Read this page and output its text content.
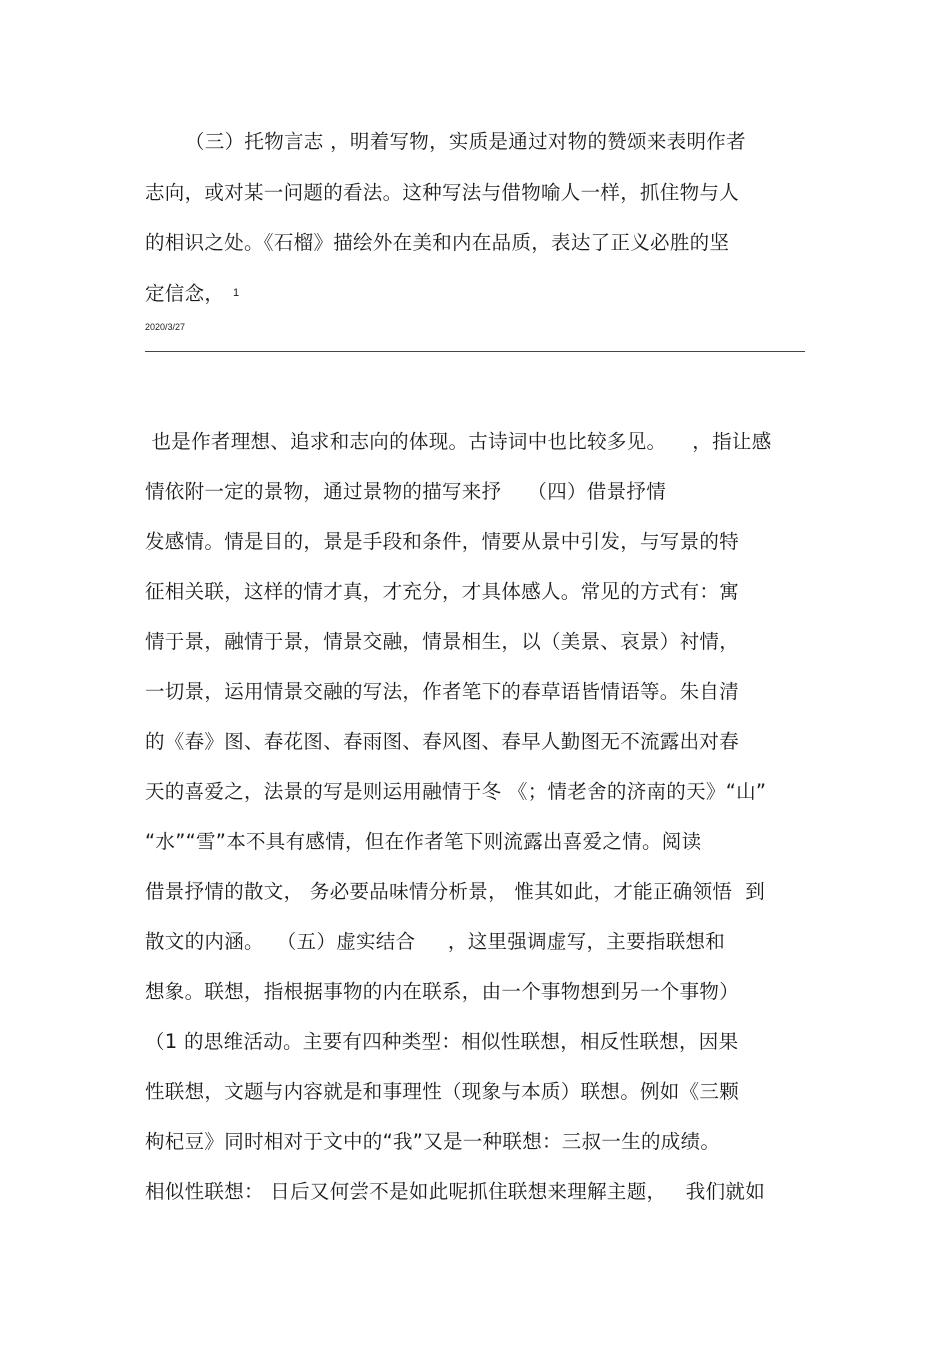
（三）托物言志 ，明着写物，实质是通过对物的赞颂来表明作者
志向，或对某一问题的看法。这种写法与借物喻人一样，抓住物与人
的相识之处。《石榴》描绘外在美和内在品质，表达了正义必胜的坚
定信念， 1
2020/3/27
也是作者理想、追求和志向的体现。古诗词中也比较多见。    ，指让感
情依附一定的景物，通过景物的描写来抒    （四）借景抒情
发感情。情是目的，景是手段和条件，情要从景中引发，与写景的特
征相关联，这样的情才真，才充分，才具体感人。常见的方式有：寓
情于景，融情于景，情景交融，情景相生，以（美景、哀景）衬情，
一切景，运用情景交融的写法，作者笔下的春草语皆情语等。朱自清
的《春》图、春花图、春雨图、春风图、春早人勤图无不流露出对春
天的喜爱之，法景的写是则运用融情于冬 《；情老舍的济南的天》“山”
“水”“雪”本不具有感情，但在作者笔下则流露出喜爱之情。阅读
借景抒情的散文， 务必要品味情分析景， 惟其如此，才能正确领悟  到
散文的内涵。  （五）虚实结合     ，这里强调虚写，主要指联想和
想象。联想，指根据事物的内在联系，由一个事物想到另一个事物）
（1 的思维活动。主要有四种类型：相似性联想，相反性联想，因果
性联想，文题与内容就是和事理性（现象与本质）联想。例如《三颗
枸杞豆》同时相对于文中的“我”又是一种联想：三叔一生的成绩。
相似性联想： 日后又何尝不是如此呢抓住联想来理解主题，   我们就如
